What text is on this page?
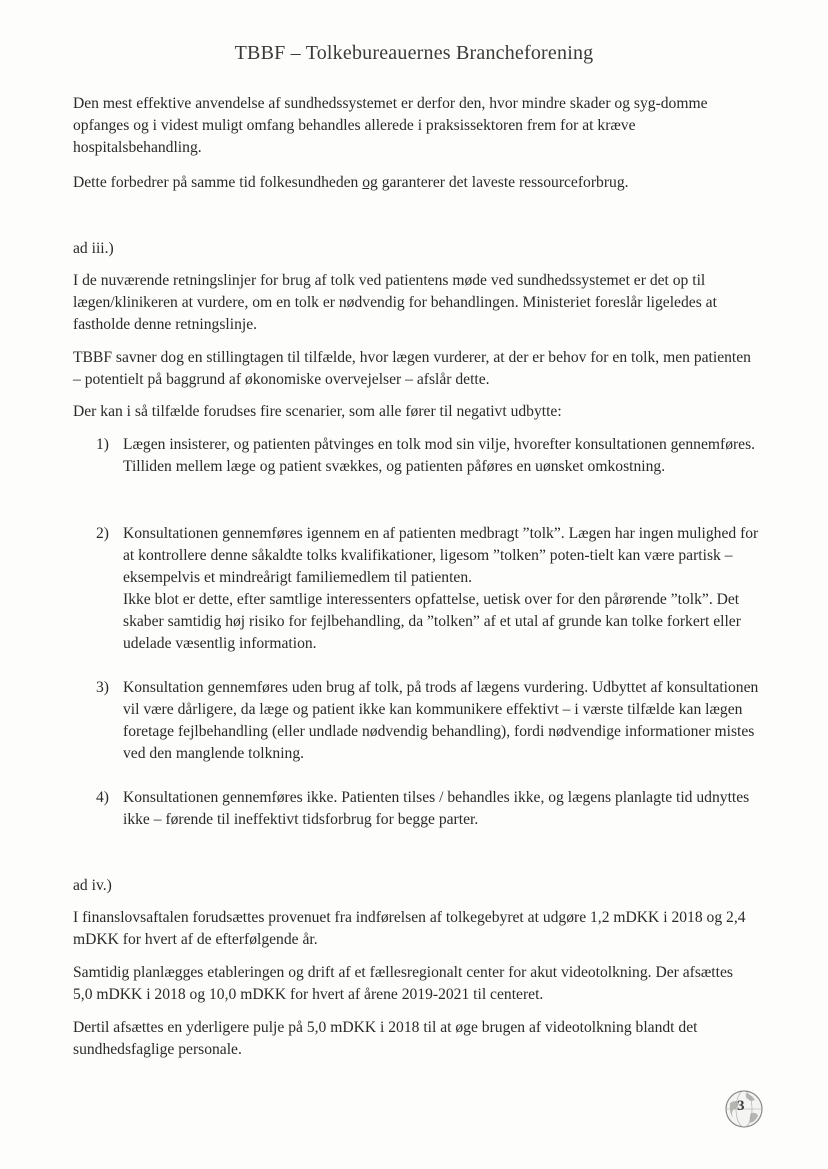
TBBF – Tolkebureauernes Brancheforening

Den mest effektive anvendelse af sundhedssystemet er derfor den, hvor mindre skader og syg-domme opfanges og i videst muligt omfang behandles allerede i praksissektoren frem for at kræve hospitalsbehandling.

Dette forbedrer på samme tid folkesundheden og garanterer det laveste ressourceforbrug.

ad iii.)

I de nuværende retningslinjer for brug af tolk ved patientens møde ved sundhedssystemet er det op til lægen/klinikeren at vurdere, om en tolk er nødvendig for behandlingen. Ministeriet foreslår ligeledes at fastholde denne retningslinje.

TBBF savner dog en stillingtagen til tilfælde, hvor lægen vurderer, at der er behov for en tolk, men patienten – potentielt på baggrund af økonomiske overvejelser – afslår dette.

Der kan i så tilfælde forudses fire scenarier, som alle fører til negativt udbytte:

1) Lægen insisterer, og patienten påtvinges en tolk mod sin vilje, hvorefter konsultationen gennemføres. Tilliden mellem læge og patient svækkes, og patienten påføres en uønsket omkostning.

2) Konsultationen gennemføres igennem en af patienten medbragt ”tolk”. Lægen har ingen mulighed for at kontrollere denne såkaldte tolks kvalifikationer, ligesom ”tolken” poten-tielt kan være partisk – eksempelvis et mindreårigt familiemedlem til patienten.

Ikke blot er dette, efter samtlige interessenters opfattelse, uetisk over for den pårørende ”tolk”. Det skaber samtidig høj risiko for fejlbehandling, da ”tolken” af et utal af grunde kan tolke forkert eller udelade væsentlig information.

3) Konsultation gennemføres uden brug af tolk, på trods af lægens vurdering. Udbyttet af konsultationen vil være dårligere, da læge og patient ikke kan kommunikere effektivt – i værste tilfælde kan lægen foretage fejlbehandling (eller undlade nødvendig behandling), fordi nødvendige informationer mistes ved den manglende tolkning.

4) Konsultationen gennemføres ikke. Patienten tilses / behandles ikke, og lægens planlagte tid udnyttes ikke – førende til ineffektivt tidsforbrug for begge parter.

ad iv.)

I finanslovsaftalen forudsættes provenuet fra indførelsen af tolkegebyret at udgøre 1,2 mDKK i 2018 og 2,4 mDKK for hvert af de efterfølgende år.

Samtidig planlægges etableringen og drift af et fællesregionalt center for akut videotolkning. Der afsættes 5,0 mDKK i 2018 og 10,0 mDKK for hvert af årene 2019-2021 til centeret.

Dertil afsættes en yderligere pulje på 5,0 mDKK i 2018 til at øge brugen af videotolkning blandt det sundhedsfaglige personale.

3
